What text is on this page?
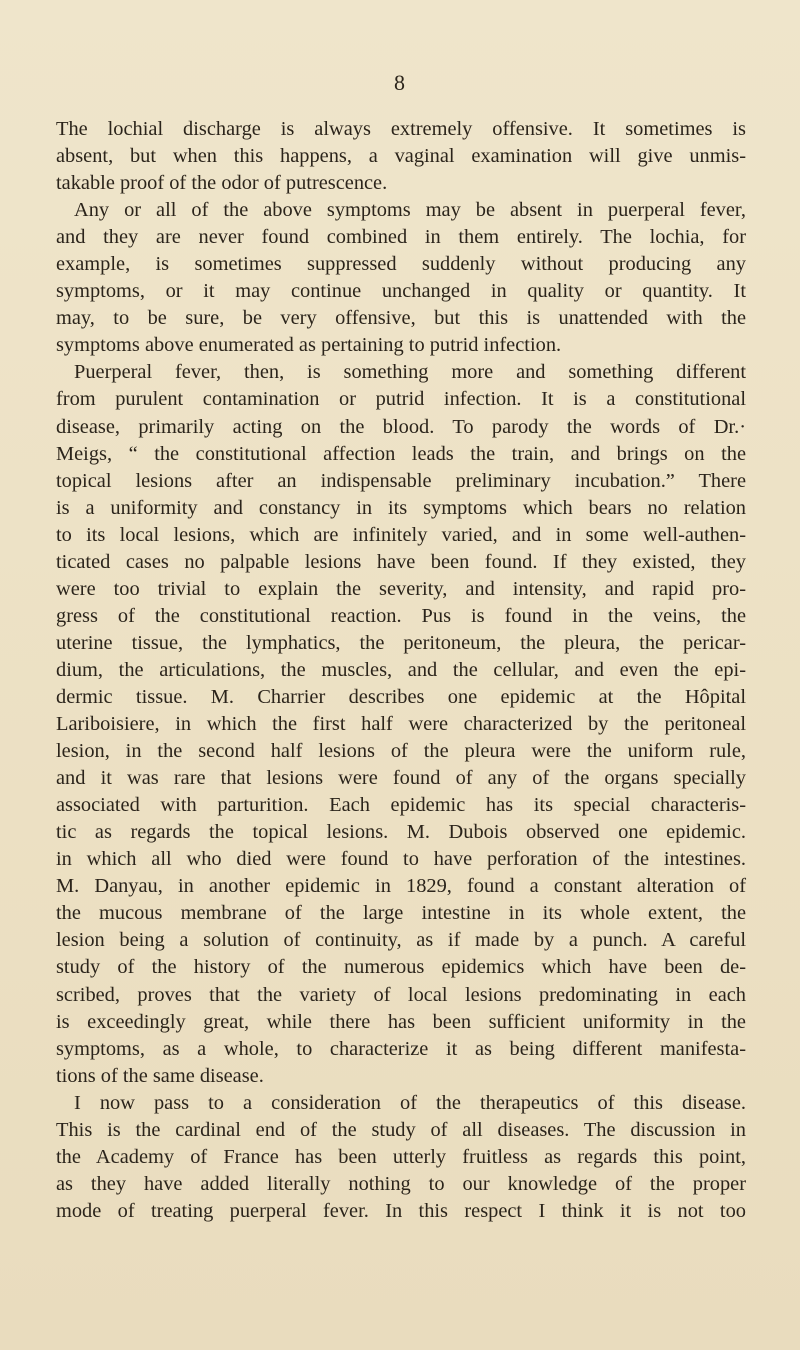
8
The lochial discharge is always extremely offensive. It sometimes is
absent, but when this happens, a vaginal examination will give unmis-
takable proof of the odor of putrescence.
Any or all of the above symptoms may be absent in puerperal fever,
and they are never found combined in them entirely. The lochia, for
example, is sometimes suppressed suddenly without producing any
symptoms, or it may continue unchanged in quality or quantity. It
may, to be sure, be very offensive, but this is unattended with the
symptoms above enumerated as pertaining to putrid infection.
Puerperal fever, then, is something more and something different
from purulent contamination or putrid infection. It is a constitutional
disease, primarily acting on the blood. To parody the words of Dr.·
Meigs, “ the constitutional affection leads the train, and brings on the
topical lesions after an indispensable preliminary incubation.” There
is a uniformity and constancy in its symptoms which bears no relation
to its local lesions, which are infinitely varied, and in some well-authen-
ticated cases no palpable lesions have been found. If they existed, they
were too trivial to explain the severity, and intensity, and rapid pro-
gress of the constitutional reaction. Pus is found in the veins, the
uterine tissue, the lymphatics, the peritoneum, the pleura, the pericar-
dium, the articulations, the muscles, and the cellular, and even the epi-
dermic tissue. M. Charrier describes one epidemic at the Hôpital
Lariboisiere, in which the first half were characterized by the peritoneal
lesion, in the second half lesions of the pleura were the uniform rule,
and it was rare that lesions were found of any of the organs specially
associated with parturition. Each epidemic has its special characteris-
tic as regards the topical lesions. M. Dubois observed one epidemic.
in which all who died were found to have perforation of the intestines.
M. Danyau, in another epidemic in 1829, found a constant alteration of
the mucous membrane of the large intestine in its whole extent, the
lesion being a solution of continuity, as if made by a punch. A careful
study of the history of the numerous epidemics which have been de-
scribed, proves that the variety of local lesions predominating in each
is exceedingly great, while there has been sufficient uniformity in the
symptoms, as a whole, to characterize it as being different manifesta-
tions of the same disease.
I now pass to a consideration of the therapeutics of this disease.
This is the cardinal end of the study of all diseases. The discussion in
the Academy of France has been utterly fruitless as regards this point,
as they have added literally nothing to our knowledge of the proper
mode of treating puerperal fever. In this respect I think it is not too
